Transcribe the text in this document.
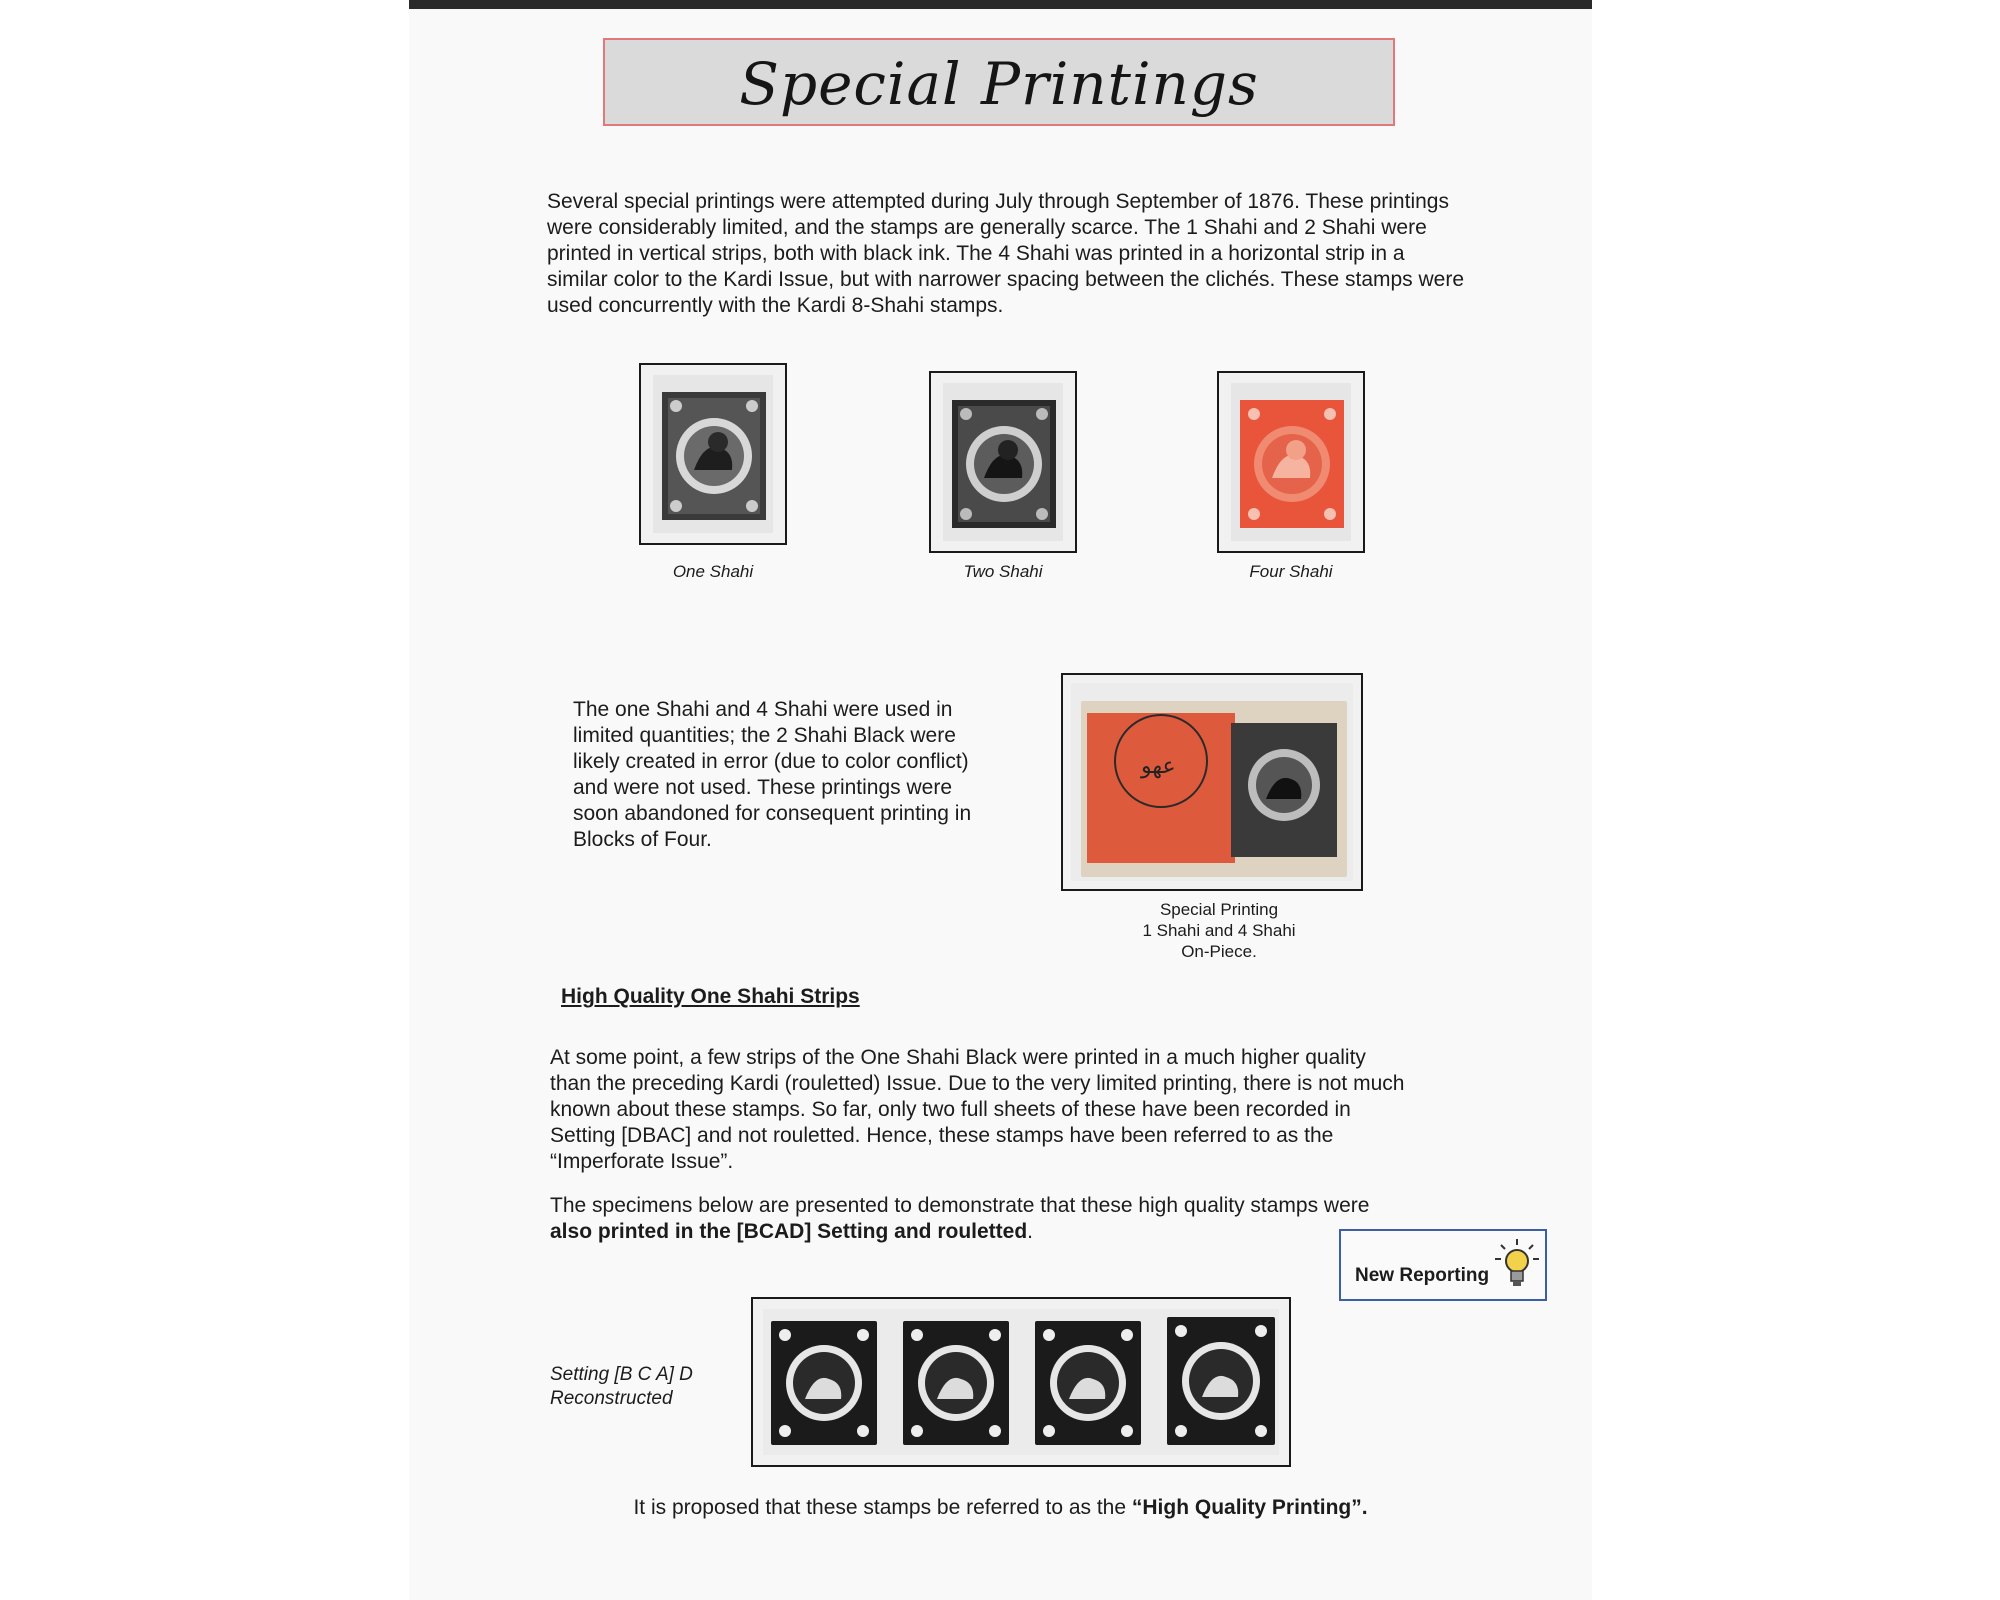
Special Printings

Several special printings were attempted during July through September of 1876. These printings were considerably limited, and the stamps are generally scarce. The 1 Shahi and 2 Shahi were printed in vertical strips, both with black ink. The 4 Shahi was printed in a horizontal strip in a similar color to the Kardi Issue, but with narrower spacing between the clichés. These stamps were used concurrently with the Kardi 8-Shahi stamps.

One Shahi	Two Shahi	Four Shahi

The one Shahi and 4 Shahi were used in limited quantities; the 2 Shahi Black were likely created in error (due to color conflict) and were not used. These printings were soon abandoned for consequent printing in Blocks of Four.

عهو
Special Printing
1 Shahi and 4 Shahi
On-Piece.
High Quality One Shahi Strips

At some point, a few strips of the One Shahi Black were printed in a much higher quality than the preceding Kardi (rouletted) Issue. Due to the very limited printing, there is not much known about these stamps. So far, only two full sheets of these have been recorded in Setting [DBAC] and not rouletted. Hence, these stamps have been referred to as the “Imperforate Issue”.

The specimens below are presented to demonstrate that these high quality stamps were also printed in the [BCAD] Setting and rouletted.

New Reporting
Setting [B C A] D
Reconstructed
It is proposed that these stamps be referred to as the “High Quality Printing”.
